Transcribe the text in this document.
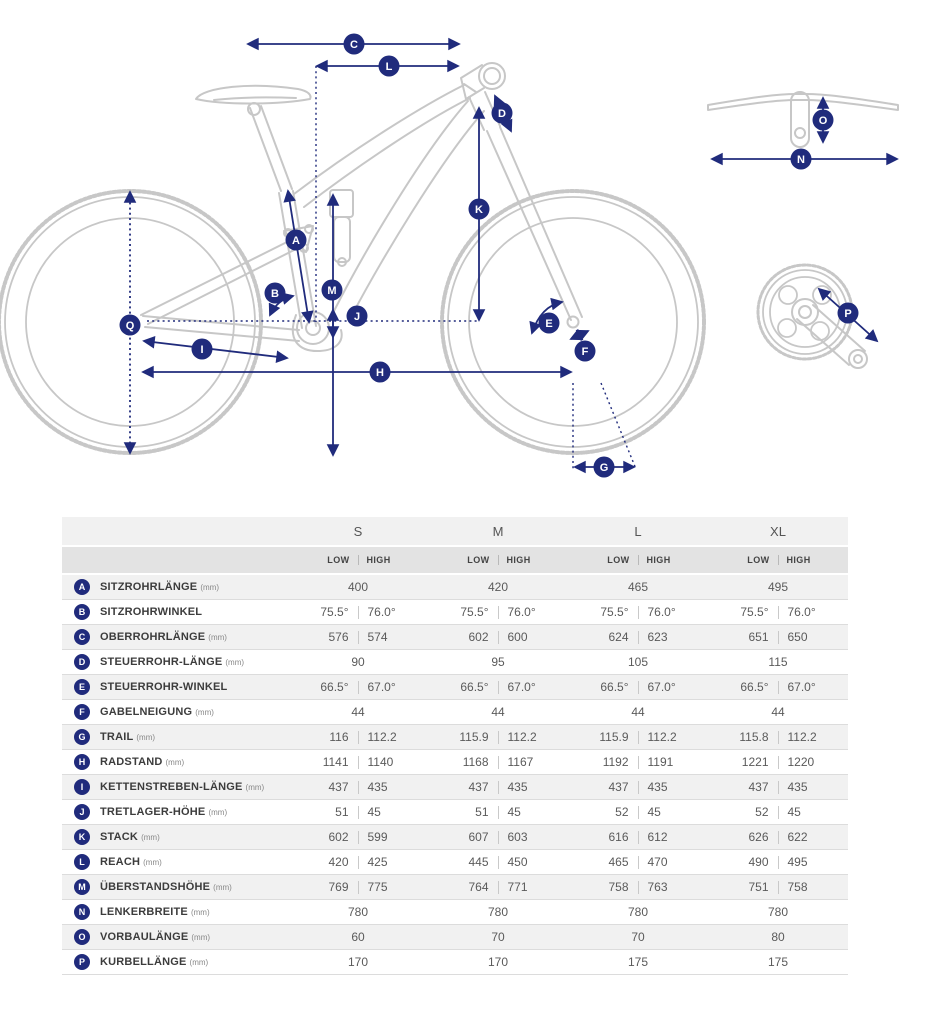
A
B
C
D
E
F
G
H
I
J
K
L
M
N
O
P
Q
S	M	L	XL
LOW	HIGH	LOW	HIGH	LOW	HIGH	LOW	HIGH
A	SITZROHRLÄNGE (mm)	400	420	465	495
B	SITZROHRWINKEL	75.5°	76.0°	75.5°	76.0°	75.5°	76.0°	75.5°	76.0°
C	OBERROHRLÄNGE (mm)	576	574	602	600	624	623	651	650
D	STEUERROHR-LÄNGE (mm)	90	95	105	115
E	STEUERROHR-WINKEL	66.5°	67.0°	66.5°	67.0°	66.5°	67.0°	66.5°	67.0°
F	GABELNEIGUNG (mm)	44	44	44	44
G	TRAIL (mm)	116	112.2	115.9	112.2	115.9	112.2	115.8	112.2
H	RADSTAND (mm)	1141	1140	1168	1167	1192	1191	1221	1220
I	KETTENSTREBEN-LÄNGE (mm)	437	435	437	435	437	435	437	435
J	TRETLAGER-HÖHE (mm)	51	45	51	45	52	45	52	45
K	STACK (mm)	602	599	607	603	616	612	626	622
L	REACH (mm)	420	425	445	450	465	470	490	495
M	ÜBERSTANDSHÖHE (mm)	769	775	764	771	758	763	751	758
N	LENKERBREITE (mm)	780	780	780	780
O	VORBAULÄNGE (mm)	60	70	70	80
P	KURBELLÄNGE (mm)	170	170	175	175
